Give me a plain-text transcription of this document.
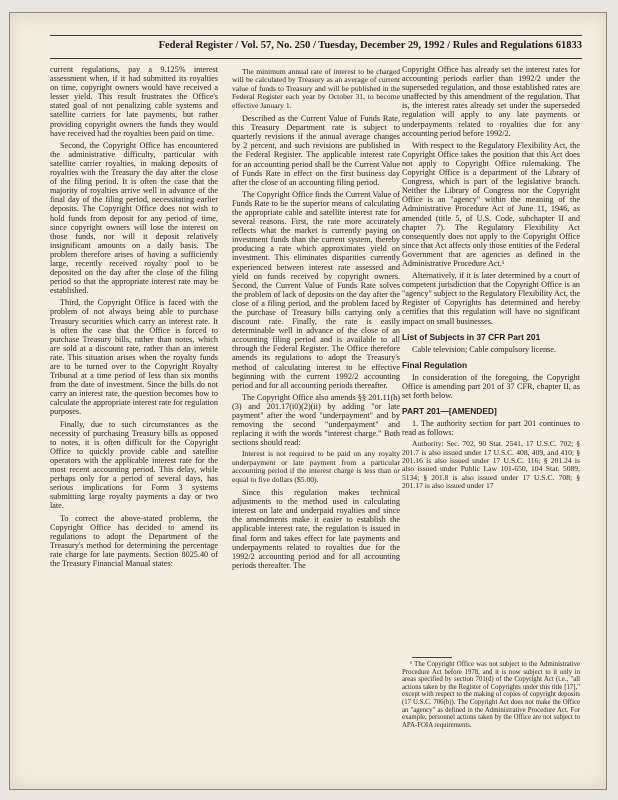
Federal Register / Vol. 57, No. 250 / Tuesday, December 29, 1992 / Rules and Regulations 61833

current regulations, pay a 9.125% interest assessment when, if it had submitted its royalties on time, copyright owners would have received a lesser yield. This result frustrates the Office's stated goal of not penalizing cable systems and satellite carriers for late payments, but rather providing copyright owners the funds they would have received had the royalties been paid on time.

Second, the Copyright Office has encountered the administrative difficulty, particular with satellite carrier royalties, in making deposits of royalties with the Treasury the day after the close of the filing period. It is often the case that the majority of royalties arrive well in advance of the final day of the filing period, necessitating earlier deposits. The Copyright Office does not wish to hold funds from deposit for any period of time, since copyright owners will lose the interest on those funds, nor will it deposit relatively insignificant amounts on a daily basis. The problem therefore arises of having a sufficiently large, recently received royalty pool to be deposited on the day after the close of the filing period so that the appropriate interest rate may be established.

Third, the Copyright Office is faced with the problem of not always being able to purchase Treasury securities which carry an interest rate. It is often the case that the Office is forced to purchase Treasury bills, rather than notes, which are sold at a discount rate, rather than an interest rate. This situation arises when the royalty funds are to be turned over to the Copyright Royalty Tribunal at a time period of less than six months from the date of investment. Since the bills do not carry an interest rate, the question becomes how to calculate the appropriate interest rate for regulation purposes.

Finally, due to such circumstances as the necessity of purchasing Treasury bills as opposed to notes, it is often difficult for the Copyright Office to quickly provide cable and satellite operators with the applicable interest rate for the most recent accounting period. This delay, while perhaps only for a period of several days, has serious implications for Form 3 systems submitting large royalty payments a day or two late.

To correct the above-stated problems, the Copyright Office has decided to amend its regulations to adopt the Department of the Treasury's method for determining the percentage rate charge for late payments. Section 8025.40 of the Treasury Financial Manual states:

The minimum annual rate of interest to be charged will be calculated by Treasury as an average of current value of funds to Treasury and will be published in the Federal Register each year by October 31, to become effective January 1.

Described as the Current Value of Funds Rate, this Treasury Department rate is subject to quarterly revisions if the annual average changes by 2 percent, and such revisions are published in the Federal Register. The applicable interest rate for an accounting period shall be the Current Value of Funds Rate in effect on the first business day after the close of an accounting filing period.

The Copyright Office finds the Current Value of Funds Rate to be the superior means of calculating the appropriate cable and satellite interest rate for several reasons. First, the rate more accurately reflects what the market is currently paying on investment funds than the current system, thereby producing a rate which approximates yield on investment. This eliminates disparities currently experienced between interest rate assessed and yield on funds received by copyright owners. Second, the Current Value of Funds Rate solves the problem of lack of deposits on the day after the close of a filing period, and the problem faced by the purchase of Treasury bills carrying only a discount rate. Finally, the rate is easily determinable well in advance of the close of an accounting filing period and is available to all through the Federal Register. The Office therefore amends its regulations to adopt the Treasury's method of calculating interest to be effective beginning with the current 1992/2 accounting period and for all accounting periods thereafter.

The Copyright Office also amends §§ 201.11(h)(3) and 201.17(i0)(2)(ii) by adding "or late payment" after the word "underpayment" and by removing the second "underpayment" and replacing it with the words "interest charge." Both sections should read:

Interest is not required to be paid on any royalty underpayment or late payment from a particular accounting period if the interest charge is less than or equal to five dollars ($5.00).

Since this regulation makes technical adjustments to the method used in calculating interest on late and underpaid royalties and since the amendments make it easier to establish the applicable interest rate, the regulation is issued in final form and takes effect for late payments and underpayments related to royalties due for the 1992/2 accounting period and for all accounting periods thereafter. The

Copyright Office has already set the interest rates for accounting periods earlier than 1992/2 under the superseded regulation, and those established rates are unaffected by this amendment of the regulation. That is, the interest rates already set under the superseded regulation will apply to any late payments or underpayments related to royalties due for any accounting period before 1992/2.

With respect to the Regulatory Flexibility Act, the Copyright Office takes the position that this Act does not apply to Copyright Office rulemaking. The Copyright Office is a department of the Library of Congress, which is part of the legislative branch. Neither the Library of Congress nor the Copyright Office is an "agency" within the meaning of the Administrative Procedure Act of June 11, 1946, as amended (title 5, of U.S. Code, subchapter II and chapter 7). The Regulatory Flexibility Act consequently does not apply to the Copyright Office since that Act affects only those entities of the Federal Government that are agencies as defined in the Administrative Procedure Act.¹

Alternatively, if it is later determined by a court of competent jurisdiction that the Copyright Office is an "agency" subject to the Regulatory Flexibility Act, the Register of Copyrights has determined and hereby certifies that this regulation will have no significant impact on small businesses.

List of Subjects in 37 CFR Part 201

Cable television; Cable compulsory license.

Final Regulation

In consideration of the foregoing, the Copyright Office is amending part 201 of 37 CFR, chapter II, as set forth below.

PART 201—[AMENDED]

1. The authority section for part 201 continues to read as follows:

Authority: Sec. 702, 90 Stat. 2541, 17 U.S.C. 702; § 201.7 is also issued under 17 U.S.C. 408, 409, and 410; § 201.16 is also issued under 17 U.S.C. 116; § 201.24 is also issued under Public Law 101-650, 104 Stat. 5089, 5134; § 201.8 is also issued under 17 U.S.C. 708; § 201.17 is also issued under 17

¹ The Copyright Office was not subject to the Administrative Procedure Act before 1978, and it is now subject to it only in areas specified by section 701(d) of the Copyright Act (i.e., "all actions taken by the Register of Copyrights under this title [17]," except with respect to the making of copies of copyright deposits (17 U.S.C. 706(b)). The Copyright Act does not make the Office an "agency" as defined in the Administrative Procedure Act. For example, personnel actions taken by the Office are not subject to APA-FOIA requirements.
